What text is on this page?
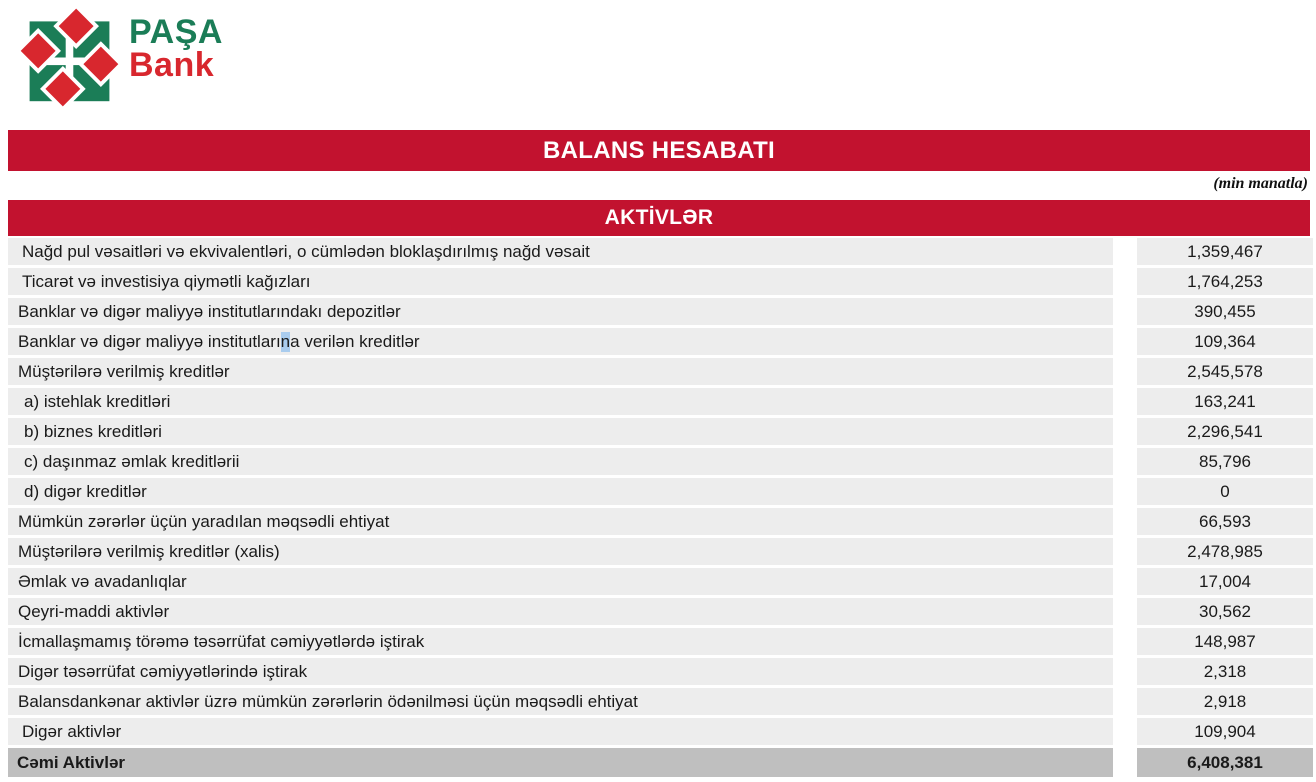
PAŞA
Bank
BALANS HESABATI
(min manatla)
AKTİVLƏR
Nağd pul vəsaitləri və ekvivalentləri, o cümlədən bloklaşdırılmış nağd vəsait	1,359,467
Ticarət və investisiya qiymətli kağızları	1,764,253
Banklar və digər maliyyə institutlarındakı depozitlər	390,455
Banklar və digər maliyyə institutları n a verilən kreditlər	109,364
Müştərilərə verilmiş kreditlər	2,545,578
a) istehlak kreditləri	163,241
b) biznes kreditləri	2,296,541
c) daşınmaz əmlak kreditlərii	85,796
d) digər kreditlər	0
Mümkün zərərlər üçün yaradılan məqsədli ehtiyat	66,593
Müştərilərə verilmiş kreditlər (xalis)	2,478,985
Əmlak və avadanlıqlar	17,004
Qeyri-maddi aktivlər	30,562
İcmallaşmamış törəmə təsərrüfat cəmiyyətlərdə iştirak	148,987
Digər təsərrüfat cəmiyyətlərində iştirak	2,318
Balansdankənar aktivlər üzrə mümkün zərərlərin ödənilməsi üçün məqsədli ehtiyat	2,918
Digər aktivlər	109,904
Cəmi Aktivlər	6,408,381
